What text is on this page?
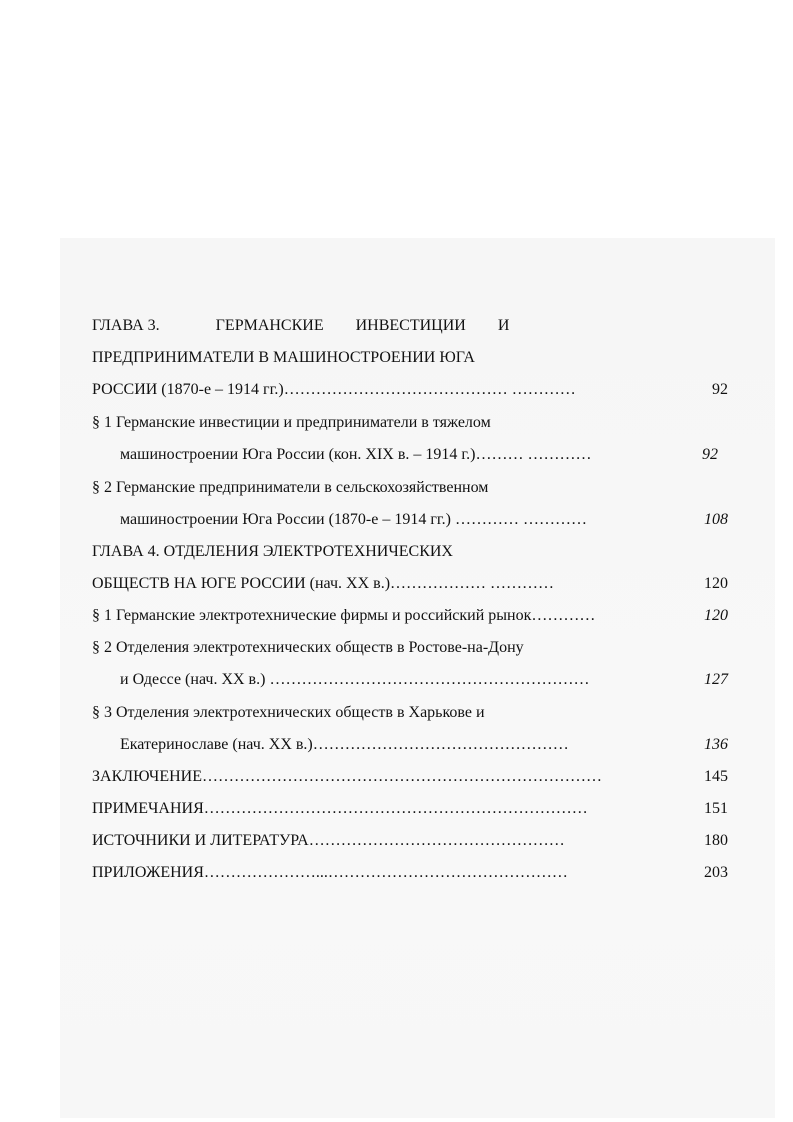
ГЛАВА 3.	ГЕРМАНСКИЕ ИНВЕСТИЦИИ И
ПРЕДПРИНИМАТЕЛИ В МАШИНОСТРОЕНИИ ЮГА
РОССИИ (1870-е – 1914 гг.)…………………………………… …………	92
§ 1 Германские инвестиции и предприниматели в тяжелом
машиностроении Юга России (кон. XIX в. – 1914 г.)……… …………	92
§ 2 Германские предприниматели в сельскохозяйственном
машиностроении Юга России (1870-е – 1914 гг.) ………… …………	108
ГЛАВА 4. ОТДЕЛЕНИЯ ЭЛЕКТРОТЕХНИЧЕСКИХ
ОБЩЕСТВ НА ЮГЕ РОССИИ (нач. XX в.)……………… …………	120
§ 1 Германские электротехнические фирмы и российский рынок…………	120
§ 2 Отделения электротехнических обществ в Ростове-на-Дону
и Одессе (нач. XX в.) ……………………………………………………	127
§ 3 Отделения электротехнических обществ в Харькове и
Екатеринославе (нач. XX в.)…………………………………………	136
ЗАКЛЮЧЕНИЕ…………………………………………………………………	145
ПРИМЕЧАНИЯ………………………………………………………………	151
ИСТОЧНИКИ И ЛИТЕРАТУРА…………………………………………	180
ПРИЛОЖЕНИЯ…………………...………………………………………	203
